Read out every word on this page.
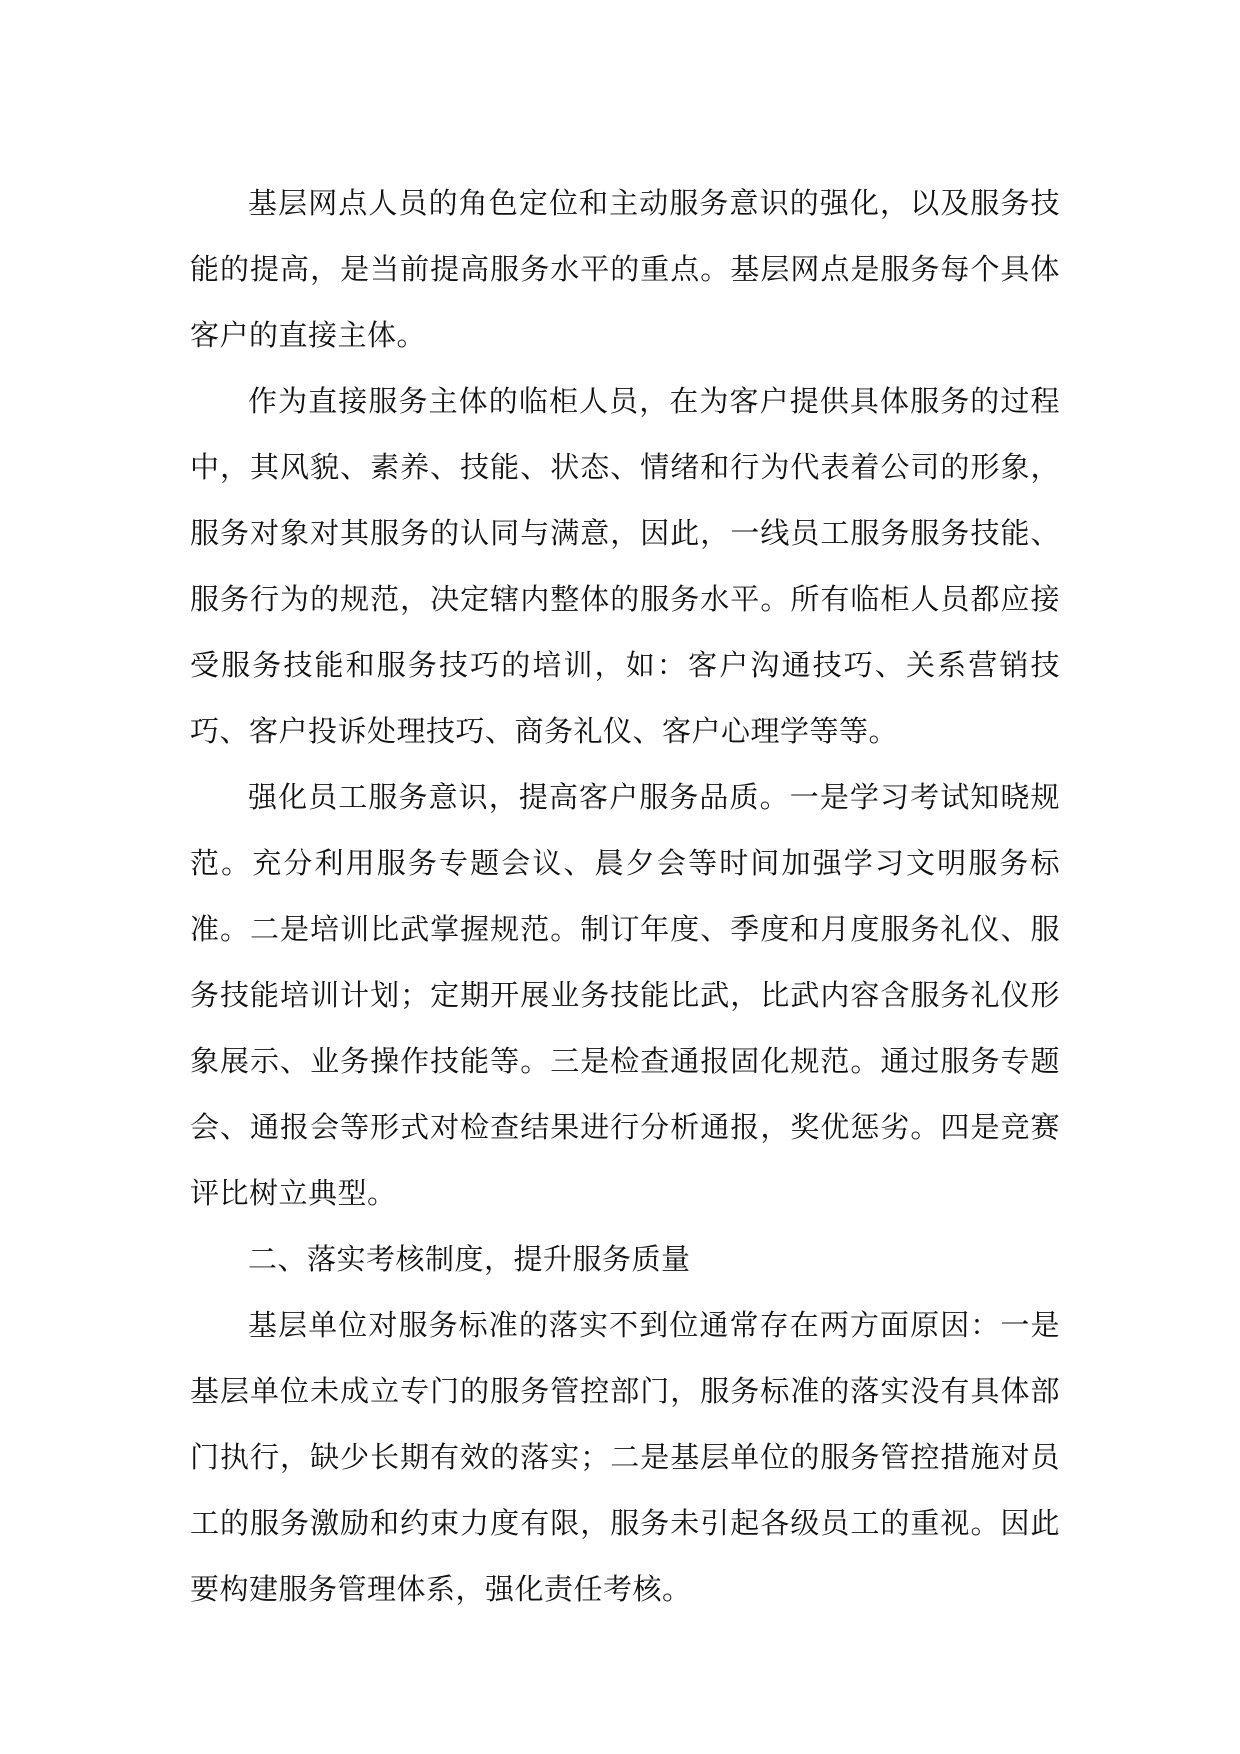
基层网点人员的角色定位和主动服务意识的强化，以及服务技能的提高，是当前提高服务水平的重点。基层网点是服务每个具体客户的直接主体。

作为直接服务主体的临柜人员，在为客户提供具体服务的过程中，其风貌、素养、技能、状态、情绪和行为代表着公司的形象，服务对象对其服务的认同与满意，因此，一线员工服务服务技能、服务行为的规范，决定辖内整体的服务水平。所有临柜人员都应接受服务技能和服务技巧的培训，如：客户沟通技巧、关系营销技巧、客户投诉处理技巧、商务礼仪、客户心理学等等。

强化员工服务意识，提高客户服务品质。一是学习考试知晓规范。充分利用服务专题会议、晨夕会等时间加强学习文明服务标准。二是培训比武掌握规范。制订年度、季度和月度服务礼仪、服务技能培训计划；定期开展业务技能比武，比武内容含服务礼仪形象展示、业务操作技能等。三是检查通报固化规范。通过服务专题会、通报会等形式对检查结果进行分析通报，奖优惩劣。四是竞赛评比树立典型。

二、落实考核制度，提升服务质量

基层单位对服务标准的落实不到位通常存在两方面原因：一是基层单位未成立专门的服务管控部门，服务标准的落实没有具体部门执行，缺少长期有效的落实；二是基层单位的服务管控措施对员工的服务激励和约束力度有限，服务未引起各级员工的重视。因此要构建服务管理体系，强化责任考核。
